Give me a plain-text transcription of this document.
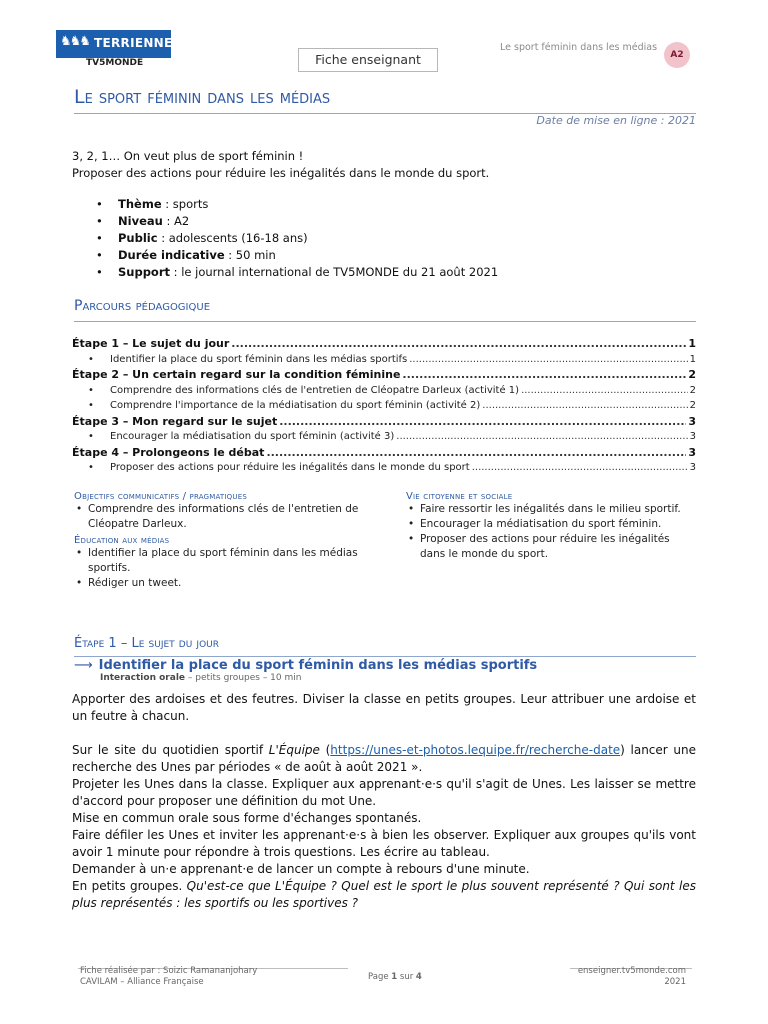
♞♞♞ TERRIENNES
TV5MONDE	Fiche enseignant
Le sport féminin dans les médias
A2
Le sport féminin dans les médias
Date de mise en ligne : 2021

3, 2, 1… On veut plus de sport féminin !

Proposer des actions pour réduire les inégalités dans le monde du sport.

• Thème : sports
• Niveau : A2
• Public : adolescents (16-18 ans)
• Durée indicative : 50 min
• Support : le journal international de TV5MONDE du 21 août 2021
Parcours pédagogique
Étape 1 – Le sujet du jour .....	1
•	Identifier la place du sport féminin dans les médias sportifs .....	1
Étape 2 – Un certain regard sur la condition féminine .....	2
•	Comprendre des informations clés de l'entretien de Cléopatre Darleux (activité 1) .....	2
•	Comprendre l'importance de la médiatisation du sport féminin (activité 2) .....	2
Étape 3 – Mon regard sur le sujet .....	3
•	Encourager la médiatisation du sport féminin (activité 3) .....	3
Étape 4 – Prolongeons le débat .....	3
•	Proposer des actions pour réduire les inégalités dans le monde du sport .....	3
Objectifs communicatifs / pragmatiques
• Comprendre des informations clés de l'entretien de Cléopatre Darleux.
Éducation aux médias
• Identifier la place du sport féminin dans les médias sportifs.
• Rédiger un tweet.
Vie citoyenne et sociale
• Faire ressortir les inégalités dans le milieu sportif.
• Encourager la médiatisation du sport féminin.
• Proposer des actions pour réduire les inégalités dans le monde du sport.
Étape 1 – Le sujet du jour
⟶ Identifier la place du sport féminin dans les médias sportifs
Interaction orale – petits groupes – 10 min

Apporter des ardoises et des feutres. Diviser la classe en petits groupes. Leur attribuer une ardoise et un feutre à chacun.

Sur le site du quotidien sportif L'Équipe (https://unes-et-photos.lequipe.fr/recherche-date) lancer une recherche des Unes par périodes « de août à août 2021 ».

Projeter les Unes dans la classe. Expliquer aux apprenant·e·s qu'il s'agit de Unes. Les laisser se mettre d'accord pour proposer une définition du mot Une.

Mise en commun orale sous forme d'échanges spontanés.

Faire défiler les Unes et inviter les apprenant·e·s à bien les observer. Expliquer aux groupes qu'ils vont avoir 1 minute pour répondre à trois questions. Les écrire au tableau.

Demander à un·e apprenant·e de lancer un compte à rebours d'une minute.

En petits groupes. Qu'est-ce que L'Équipe ? Quel est le sport le plus souvent représenté ? Qui sont les plus représentés : les sportifs ou les sportives ?

Fiche réalisée par : Soizic Ramananjohary
CAVILAM – Alliance Française	Page 1 sur 4
enseigner.tv5monde.com
2021
